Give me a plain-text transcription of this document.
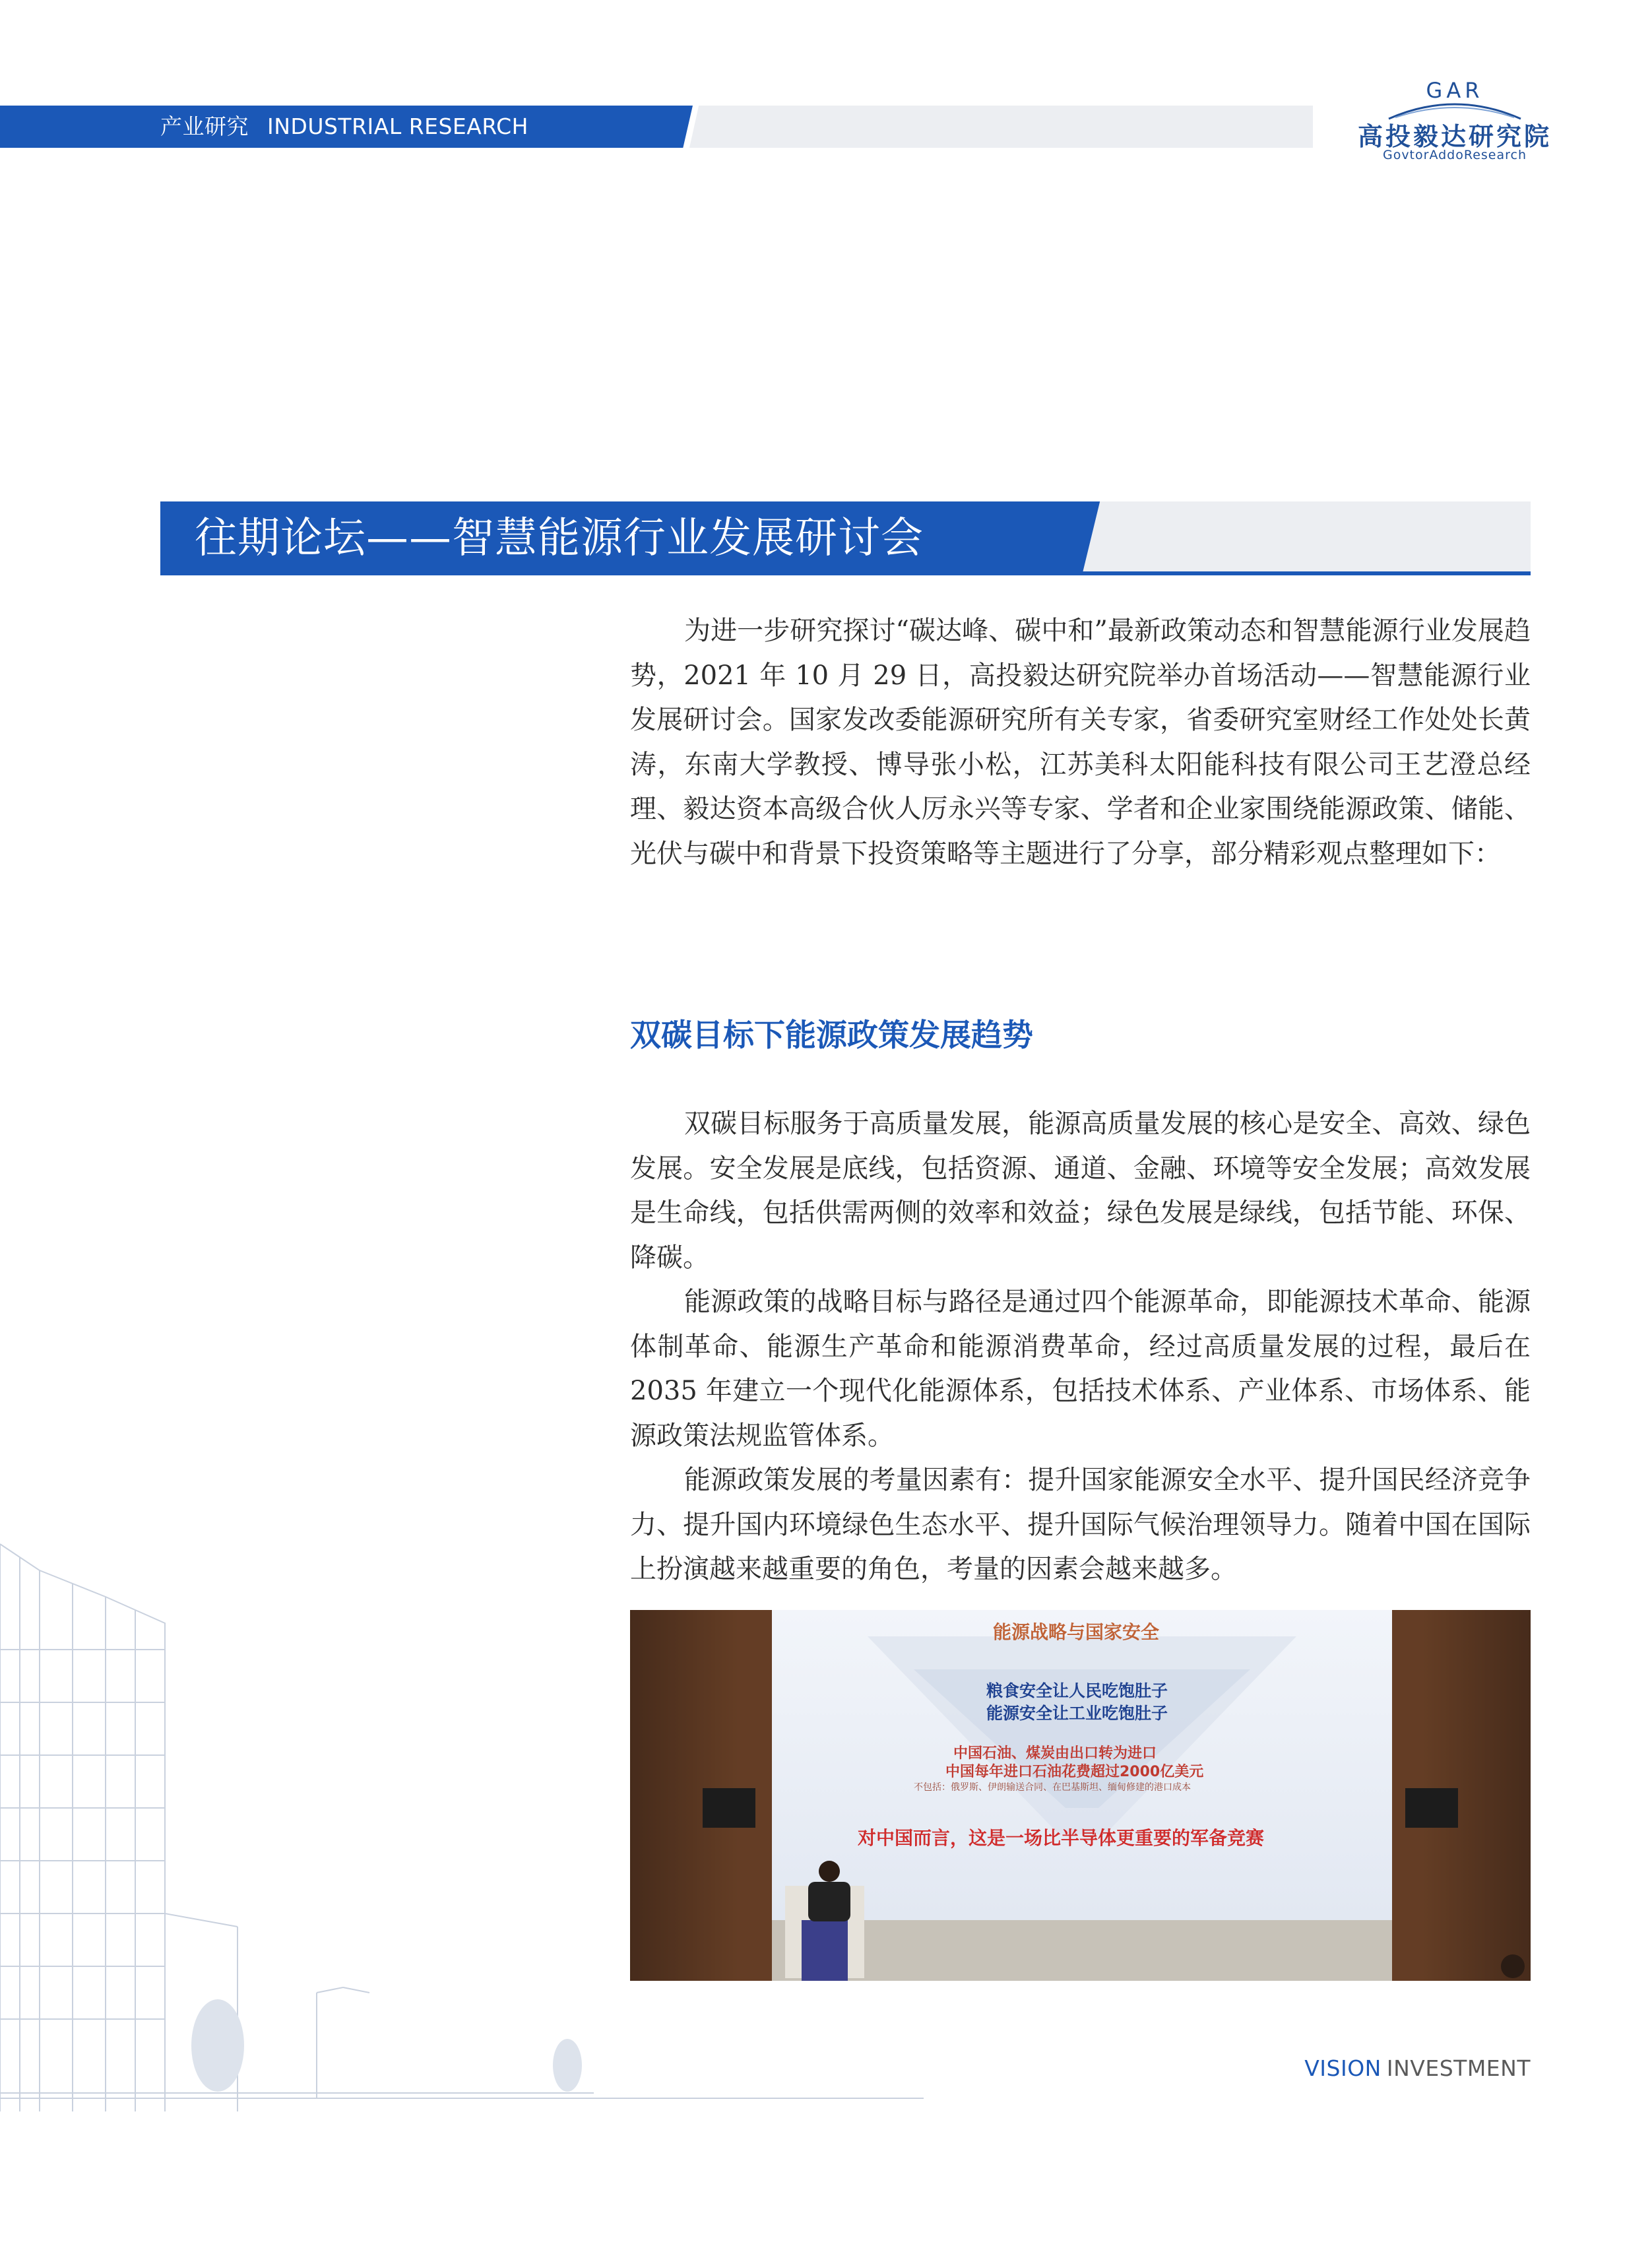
产业研究 INDUSTRIAL RESEARCH
GAR
高投毅达研究院
GovtorAddoResearch
往期论坛——智慧能源行业发展研讨会

为进一步研究探讨“碳达峰、碳中和”最新政策动态和智慧能源行业发展趋势，2021 年 10 月 29 日，高投毅达研究院举办首场活动——智慧能源行业发展研讨会。国家发改委能源研究所有关专家，省委研究室财经工作处处长黄涛，东南大学教授、博导张小松，江苏美科太阳能科技有限公司王艺澄总经理、毅达资本高级合伙人厉永兴等专家、学者和企业家围绕能源政策、储能、光伏与碳中和背景下投资策略等主题进行了分享，部分精彩观点整理如下：

双碳目标下能源政策发展趋势

双碳目标服务于高质量发展，能源高质量发展的核心是安全、高效、绿色发展。安全发展是底线，包括资源、通道、金融、环境等安全发展；高效发展是生命线，包括供需两侧的效率和效益；绿色发展是绿线，包括节能、环保、降碳。

能源政策的战略目标与路径是通过四个能源革命，即能源技术革命、能源体制革命、能源生产革命和能源消费革命，经过高质量发展的过程，最后在 2035 年建立一个现代化能源体系，包括技术体系、产业体系、市场体系、能源政策法规监管体系。

能源政策发展的考量因素有：提升国家能源安全水平、提升国民经济竞争力、提升国内环境绿色生态水平、提升国际气候治理领导力。随着中国在国际上扮演越来越重要的角色，考量的因素会越来越多。

能源战略与国家安全
粮食安全让人民吃饱肚子
能源安全让工业吃饱肚子
中国石油、煤炭由出口转为进口
中国每年进口石油花费超过2000亿美元
不包括：俄罗斯、伊朗输送合同、在巴基斯坦、缅甸修建的港口成本
对中国而言，这是一场比半导体更重要的军备竞赛
VISION INVESTMENT
